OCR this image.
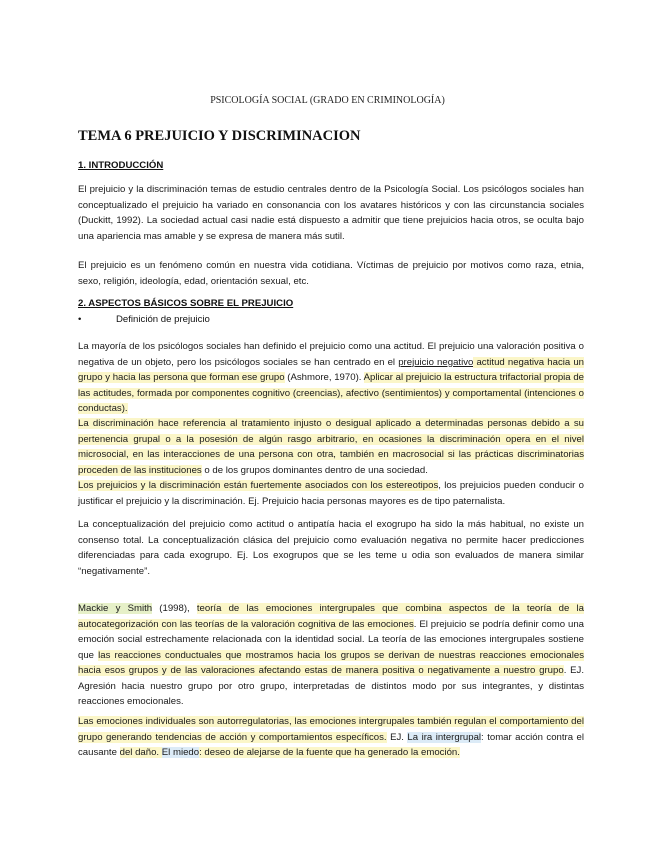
PSICOLOGÍA SOCIAL (GRADO EN CRIMINOLOGÍA)
TEMA 6 PREJUICIO Y DISCRIMINACION
1. INTRODUCCIÓN
El prejuicio y la discriminación temas de estudio centrales dentro de la Psicología Social. Los psicólogos sociales han conceptualizado el prejuicio ha variado en consonancia con los avatares históricos y con las circunstancia sociales (Duckitt, 1992). La sociedad actual casi nadie está dispuesto a admitir que tiene prejuicios hacia otros, se oculta bajo una apariencia mas amable y se expresa de manera más sutil.
El prejuicio es un fenómeno común en nuestra vida cotidiana. Víctimas de prejuicio por motivos como raza, etnia, sexo, religión, ideología, edad, orientación sexual, etc.
2. ASPECTOS BÁSICOS SOBRE EL PREJUICIO
•	Definición de prejuicio
La mayoría de los psicólogos sociales han definido el prejuicio como una actitud. El prejuicio una valoración positiva o negativa de un objeto, pero los psicólogos sociales se han centrado en el prejuicio negativo actitud negativa hacia un grupo y hacia las persona que forman ese grupo (Ashmore, 1970). Aplicar al prejuicio la estructura trifactorial propia de las actitudes, formada por componentes cognitivo (creencias), afectivo (sentimientos) y comportamental (intenciones o conductas).
La discriminación hace referencia al tratamiento injusto o desigual aplicado a determinadas personas debido a su pertenencia grupal o a la posesión de algún rasgo arbitrario, en ocasiones la discriminación opera en el nivel microsocial, en las interacciones de una persona con otra, también en macrosocial si las prácticas discriminatorias proceden de las instituciones o de los grupos dominantes dentro de una sociedad.
Los prejuicios y la discriminación están fuertemente asociados con los estereotipos, los prejuicios pueden conducir o justificar el prejuicio y la discriminación. Ej. Prejuicio hacia personas mayores es de tipo paternalista.
La conceptualización del prejuicio como actitud o antipatía hacia el exogrupo ha sido la más habitual, no existe un consenso total. La conceptualización clásica del prejuicio como evaluación negativa no permite hacer predicciones diferenciadas para cada exogrupo. Ej. Los exogrupos que se les teme u odia son evaluados de manera similar “negativamente”.
Mackie y Smith (1998), teoría de las emociones intergrupales que combina aspectos de la teoría de la autocategorización con las teorías de la valoración cognitiva de las emociones. El prejuicio se podría definir como una emoción social estrechamente relacionada con la identidad social. La teoría de las emociones intergrupales sostiene que las reacciones conductuales que mostramos hacia los grupos se derivan de nuestras reacciones emocionales hacia esos grupos y de las valoraciones afectando estas de manera positiva o negativamente a nuestro grupo. EJ. Agresión hacia nuestro grupo por otro grupo, interpretadas de distintos modo por sus integrantes, y distintas reacciones emocionales.
Las emociones individuales son autorregulatorias, las emociones intergrupales también regulan el comportamiento del grupo generando tendencias de acción y comportamientos específicos. EJ. La ira intergrupal: tomar acción contra el causante del daño. El miedo: deseo de alejarse de la fuente que ha generado la emoción.
